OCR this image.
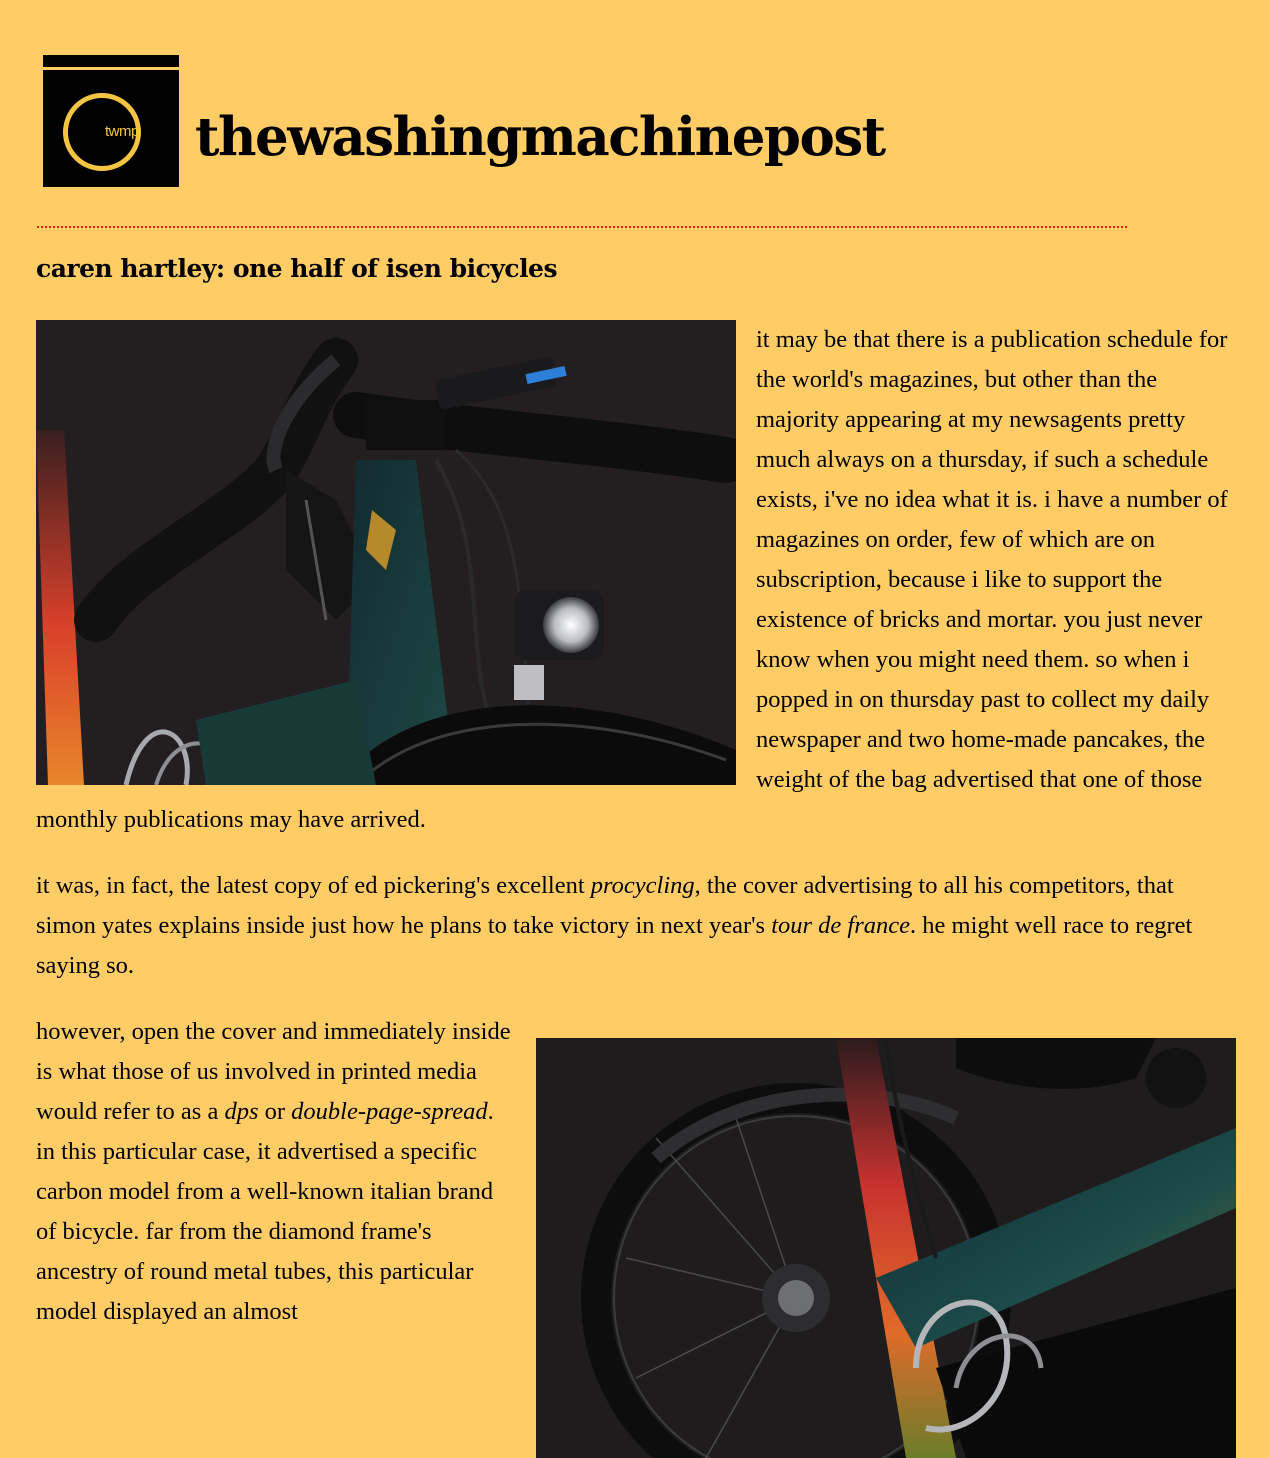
twmp thewashingmachinepost
caren hartley: one half of isen bicycles

it may be that there is a publication schedule for the world's magazines, but other than the majority appearing at my newsagents pretty much always on a thursday, if such a schedule exists, i've no idea what it is. i have a number of magazines on order, few of which are on subscription, because i like to support the existence of bricks and mortar. you just never know when you might need them. so when i popped in on thursday past to collect my daily newspaper and two home-made pancakes, the weight of the bag advertised that one of those monthly publications may have arrived.

it was, in fact, the latest copy of ed pickering's excellent procycling, the cover advertising to all his competitors, that simon yates explains inside just how he plans to take victory in next year's tour de france. he might well race to regret saying so.

however, open the cover and immediately inside is what those of us involved in printed media would refer to as a dps or double-page-spread. in this particular case, it advertised a specific carbon model from a well-known italian brand of bicycle. far from the diamond frame's ancestry of round metal tubes, this particular model displayed an almost
